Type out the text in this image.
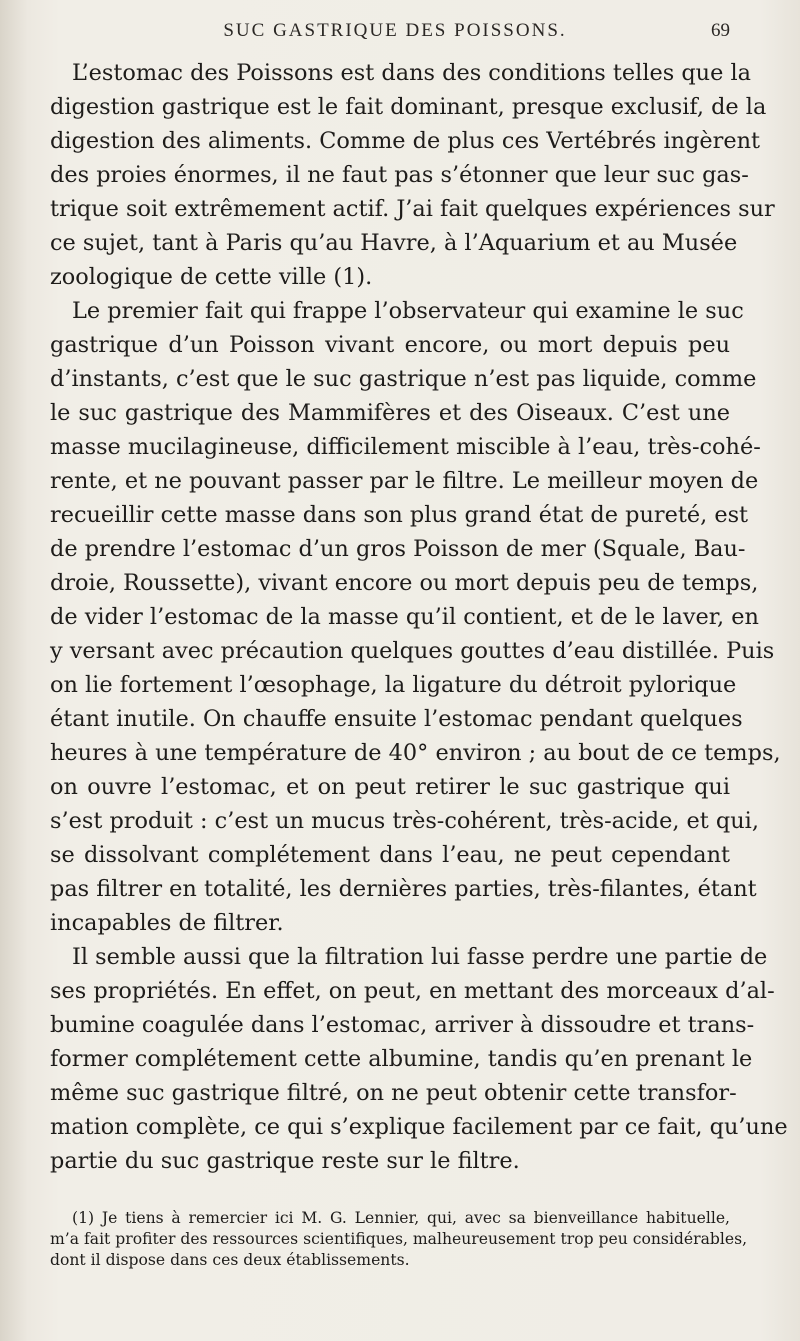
SUC GASTRIQUE DES POISSONS.	69
L’estomac des Poissons est dans des conditions telles que la
digestion gastrique est le fait dominant, presque exclusif, de la
digestion des aliments. Comme de plus ces Vertébrés ingèrent
des proies énormes, il ne faut pas s’étonner que leur suc gas-
trique soit extrêmement actif. J’ai fait quelques expériences sur
ce sujet, tant à Paris qu’au Havre, à l’Aquarium et au Musée
zoologique de cette ville (1).
Le premier fait qui frappe l’observateur qui examine le suc
gastrique d’un Poisson vivant encore, ou mort depuis peu
d’instants, c’est que le suc gastrique n’est pas liquide, comme
le suc gastrique des Mammifères et des Oiseaux. C’est une
masse mucilagineuse, difficilement miscible à l’eau, très-cohé-
rente, et ne pouvant passer par le filtre. Le meilleur moyen de
recueillir cette masse dans son plus grand état de pureté, est
de prendre l’estomac d’un gros Poisson de mer (Squale, Bau-
droie, Roussette), vivant encore ou mort depuis peu de temps,
de vider l’estomac de la masse qu’il contient, et de le laver, en
y versant avec précaution quelques gouttes d’eau distillée. Puis
on lie fortement l’œsophage, la ligature du détroit pylorique
étant inutile. On chauffe ensuite l’estomac pendant quelques
heures à une température de 40° environ ; au bout de ce temps,
on ouvre l’estomac, et on peut retirer le suc gastrique qui
s’est produit : c’est un mucus très-cohérent, très-acide, et qui,
se dissolvant complétement dans l’eau, ne peut cependant
pas filtrer en totalité, les dernières parties, très-filantes, étant
incapables de filtrer.
Il semble aussi que la filtration lui fasse perdre une partie de
ses propriétés. En effet, on peut, en mettant des morceaux d’al-
bumine coagulée dans l’estomac, arriver à dissoudre et trans-
former complétement cette albumine, tandis qu’en prenant le
même suc gastrique filtré, on ne peut obtenir cette transfor-
mation complète, ce qui s’explique facilement par ce fait, qu’une
partie du suc gastrique reste sur le filtre.
(1) Je tiens à remercier ici M. G. Lennier, qui, avec sa bienveillance habituelle,
m’a fait profiter des ressources scientifiques, malheureusement trop peu considérables,
dont il dispose dans ces deux établissements.
